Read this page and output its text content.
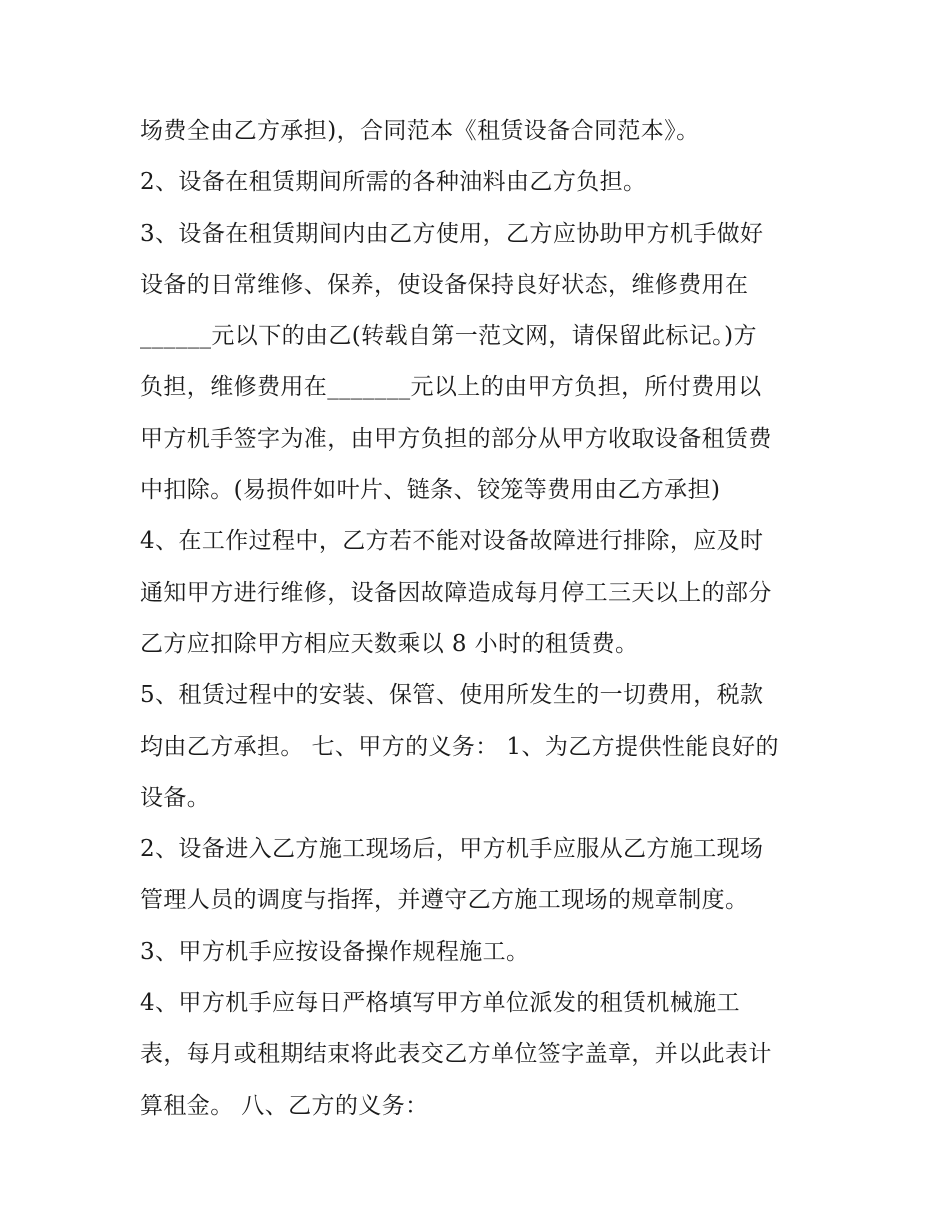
场费全由乙方承担)，合同范本《租赁设备合同范本》。
2、设备在租赁期间所需的各种油料由乙方负担。
3、设备在租赁期间内由乙方使用，乙方应协助甲方机手做好
设备的日常维修、保养，使设备保持良好状态，维修费用在
______元以下的由乙(转载自第一范文网，请保留此标记。)方
负担，维修费用在_______元以上的由甲方负担，所付费用以
甲方机手签字为准，由甲方负担的部分从甲方收取设备租赁费
中扣除。(易损件如叶片、链条、铰笼等费用由乙方承担)
4、在工作过程中，乙方若不能对设备故障进行排除，应及时
通知甲方进行维修，设备因故障造成每月停工三天以上的部分
乙方应扣除甲方相应天数乘以 8 小时的租赁费。
5、租赁过程中的安装、保管、使用所发生的一切费用，税款
均由乙方承担。 七、甲方的义务： 1、为乙方提供性能良好的
设备。
2、设备进入乙方施工现场后，甲方机手应服从乙方施工现场
管理人员的调度与指挥，并遵守乙方施工现场的规章制度。
3、甲方机手应按设备操作规程施工。
4、甲方机手应每日严格填写甲方单位派发的租赁机械施工
表，每月或租期结束将此表交乙方单位签字盖章，并以此表计
算租金。 八、乙方的义务：
